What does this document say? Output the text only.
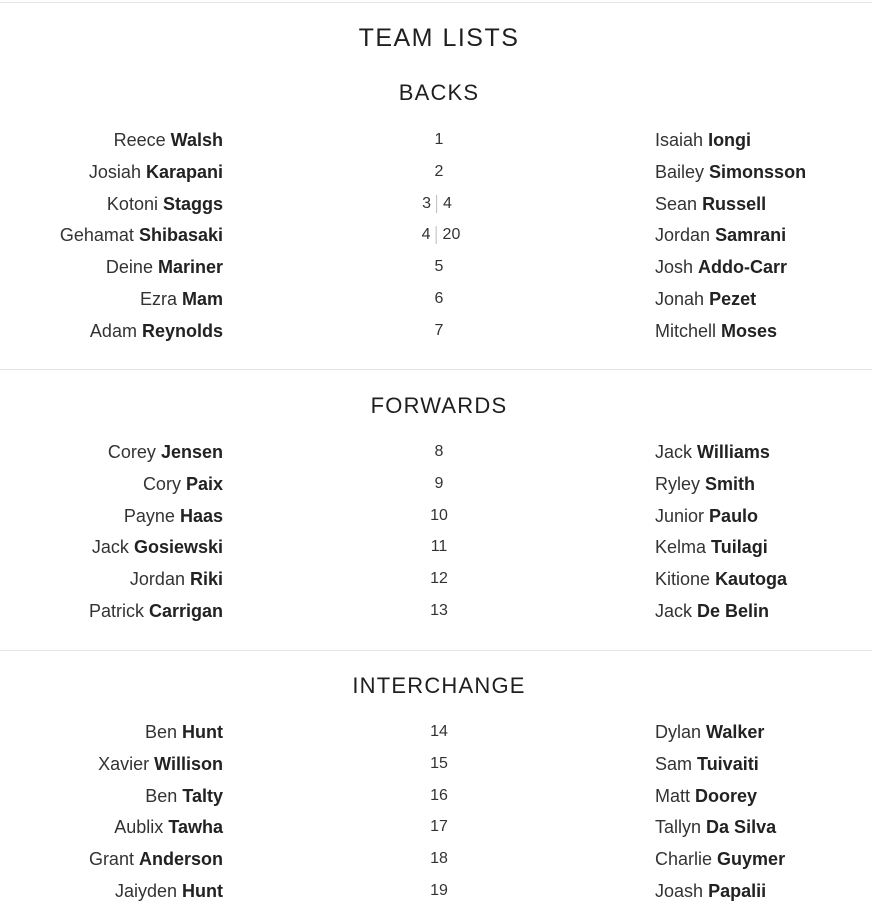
TEAM LISTS
BACKS
Reece Walsh	1	Isaiah Iongi
Josiah Karapani	2	Bailey Simonsson
Kotoni Staggs	3 4	Sean Russell
Gehamat Shibasaki	4 20	Jordan Samrani
Deine Mariner	5	Josh Addo-Carr
Ezra Mam	6	Jonah Pezet
Adam Reynolds	7	Mitchell Moses
FORWARDS
Corey Jensen	8	Jack Williams
Cory Paix	9	Ryley Smith
Payne Haas	10	Junior Paulo
Jack Gosiewski	11	Kelma Tuilagi
Jordan Riki	12	Kitione Kautoga
Patrick Carrigan	13	Jack De Belin
INTERCHANGE
Ben Hunt	14	Dylan Walker
Xavier Willison	15	Sam Tuivaiti
Ben Talty	16	Matt Doorey
Aublix Tawha	17	Tallyn Da Silva
Grant Anderson	18	Charlie Guymer
Jaiyden Hunt	19	Joash Papalii
